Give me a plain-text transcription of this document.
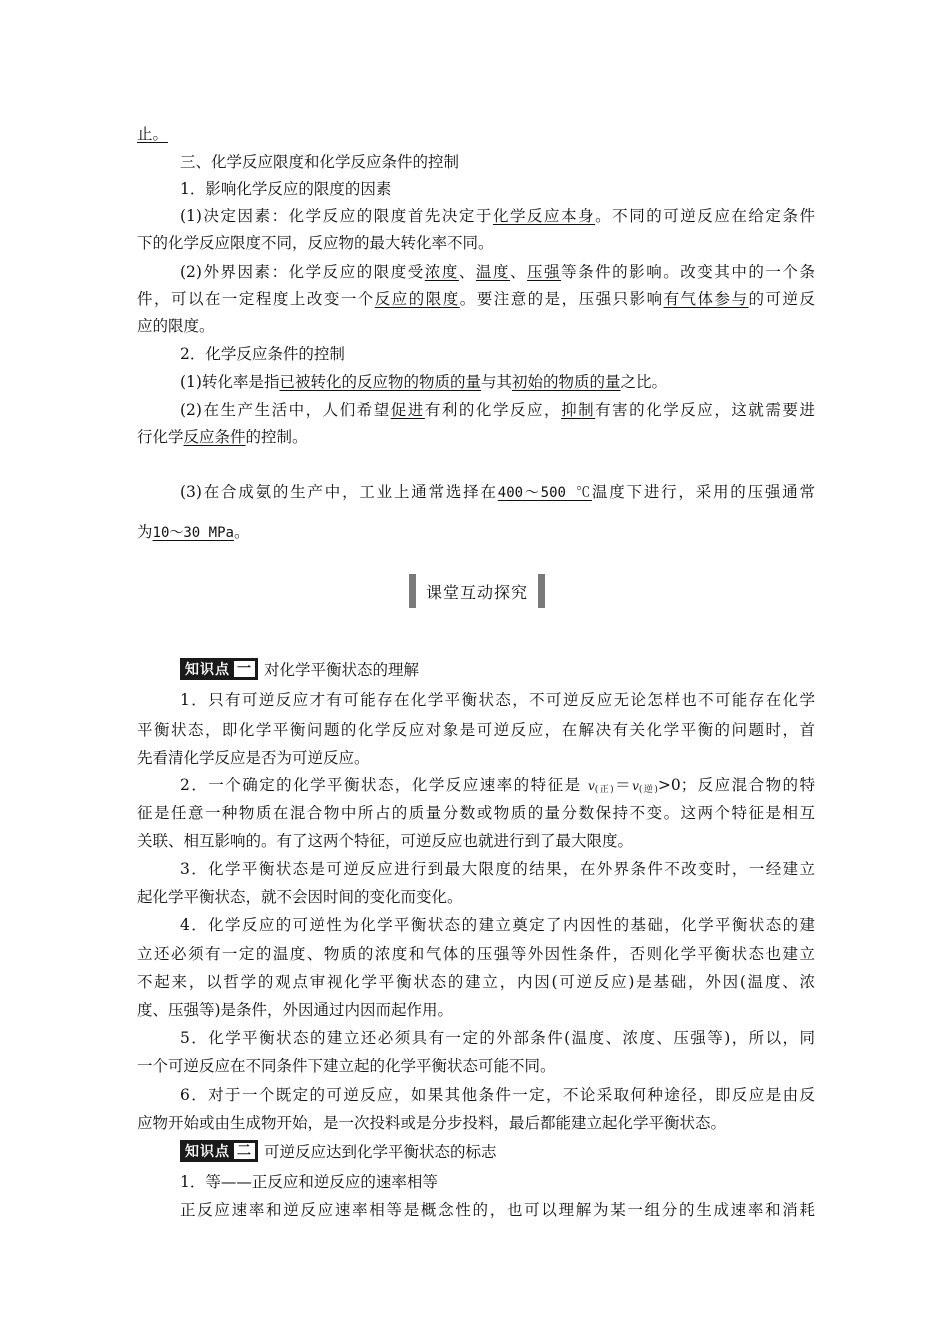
止。
三、化学反应限度和化学反应条件的控制
1．影响化学反应的限度的因素
(1)决定因素：化学反应的限度首先决定于化学反应本身。不同的可逆反应在给定条件
下的化学反应限度不同，反应物的最大转化率不同。
(2)外界因素：化学反应的限度受浓度、温度、压强等条件的影响。改变其中的一个条
件，可以在一定程度上改变一个反应的限度。要注意的是，压强只影响有气体参与的可逆反
应的限度。
2．化学反应条件的控制
(1)转化率是指已被转化的反应物的物质的量与其初始的物质的量之比。
(2)在生产生活中，人们希望促进有利的化学反应，抑制有害的化学反应，这就需要进
行化学反应条件的控制。
(3)在合成氨的生产中，工业上通常选择在400～500 ℃温度下进行，采用的压强通常
为10～30 MPa。
课堂互动探究
知识点 一 对化学平衡状态的理解
1．只有可逆反应才有可能存在化学平衡状态，不可逆反应无论怎样也不可能存在化学
平衡状态，即化学平衡问题的化学反应对象是可逆反应，在解决有关化学平衡的问题时，首
先看清化学反应是否为可逆反应。
2．一个确定的化学平衡状态，化学反应速率的特征是 $v_{(正)}=v_{(逆)}>0$；反应混合物的特
征是任意一种物质在混合物中所占的质量分数或物质的量分数保持不变。这两个特征是相互
关联、相互影响的。有了这两个特征，可逆反应也就进行到了最大限度。
3．化学平衡状态是可逆反应进行到最大限度的结果，在外界条件不改变时，一经建立
起化学平衡状态，就不会因时间的变化而变化。
4．化学反应的可逆性为化学平衡状态的建立奠定了内因性的基础，化学平衡状态的建
立还必须有一定的温度、物质的浓度和气体的压强等外因性条件，否则化学平衡状态也建立
不起来，以哲学的观点审视化学平衡状态的建立，内因(可逆反应)是基础，外因(温度、浓
度、压强等)是条件，外因通过内因而起作用。
5．化学平衡状态的建立还必须具有一定的外部条件(温度、浓度、压强等)，所以，同
一个可逆反应在不同条件下建立起的化学平衡状态可能不同。
6．对于一个既定的可逆反应，如果其他条件一定，不论采取何种途径，即反应是由反
应物开始或由生成物开始，是一次投料或是分步投料，最后都能建立起化学平衡状态。
知识点 二 可逆反应达到化学平衡状态的标志
1．等——正反应和逆反应的速率相等
正反应速率和逆反应速率相等是概念性的，也可以理解为某一组分的生成速率和消耗
